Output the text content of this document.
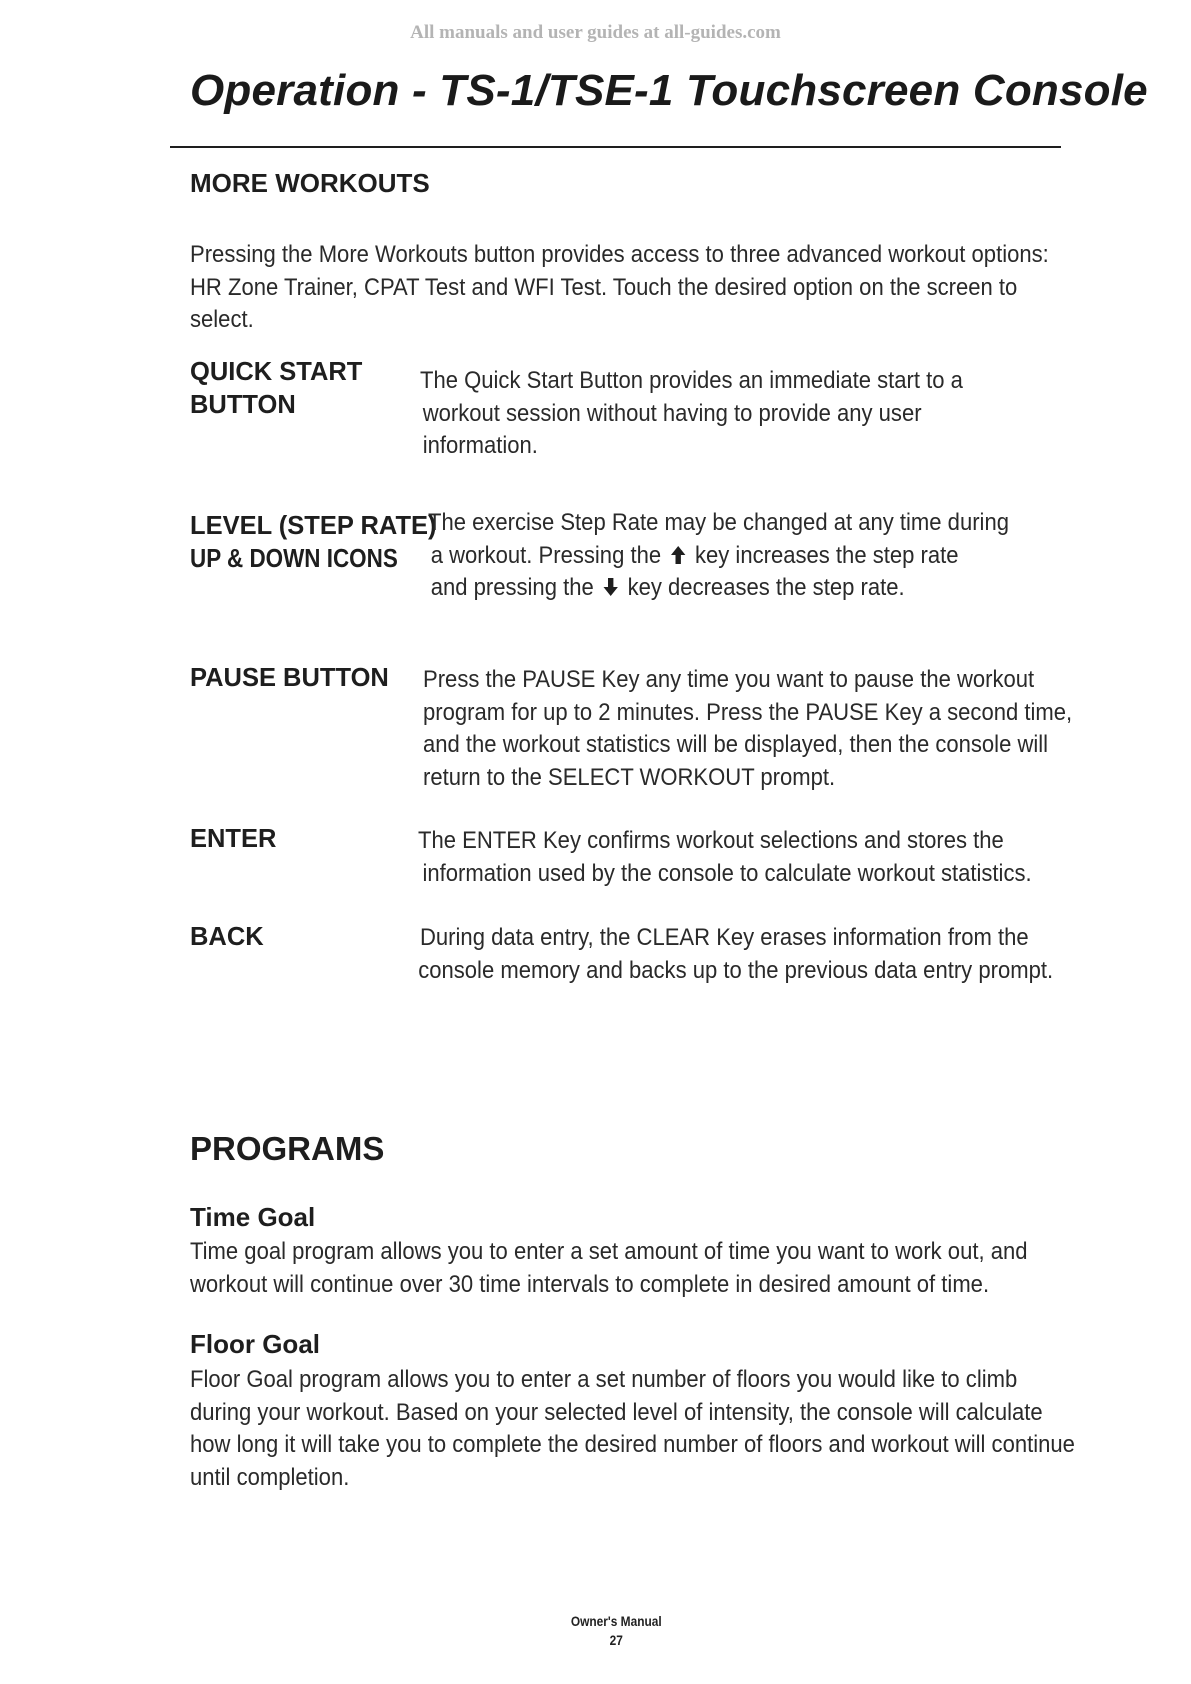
All manuals and user guides at all-guides.com
Operation - TS-1/TSE-1 Touchscreen Console
MORE WORKOUTS

Pressing the More Workouts button provides access to three advanced workout options:
HR Zone Trainer, CPAT Test and WFI Test. Touch the desired option on the screen to
select.

QUICK START
BUTTON
The Quick Start Button provides an immediate start to a
workout session without having to provide any user
information.
LEVEL (STEP RATE)
UP & DOWN ICONS
The exercise Step Rate may be changed at any time during
a workout. Pressing the key increases the step rate
and pressing the key decreases the step rate.
PAUSE BUTTON Press the PAUSE Key any time you want to pause the workout
program for up to 2 minutes. Press the PAUSE Key a second time,
and the workout statistics will be displayed, then the console will
return to the SELECT WORKOUT prompt.
ENTER	The ENTER Key confirms workout selections and stores the
information used by the console to calculate workout statistics.
BACK	During data entry, the CLEAR Key erases information from the
console memory and backs up to the previous data entry prompt.
PROGRAMS
Time Goal

Time goal program allows you to enter a set amount of time you want to work out, and
workout will continue over 30 time intervals to complete in desired amount of time.

Floor Goal

Floor Goal program allows you to enter a set number of floors you would like to climb
during your workout. Based on your selected level of intensity, the console will calculate
how long it will take you to complete the desired number of floors and workout will continue
until completion.

Owner's Manual
27
